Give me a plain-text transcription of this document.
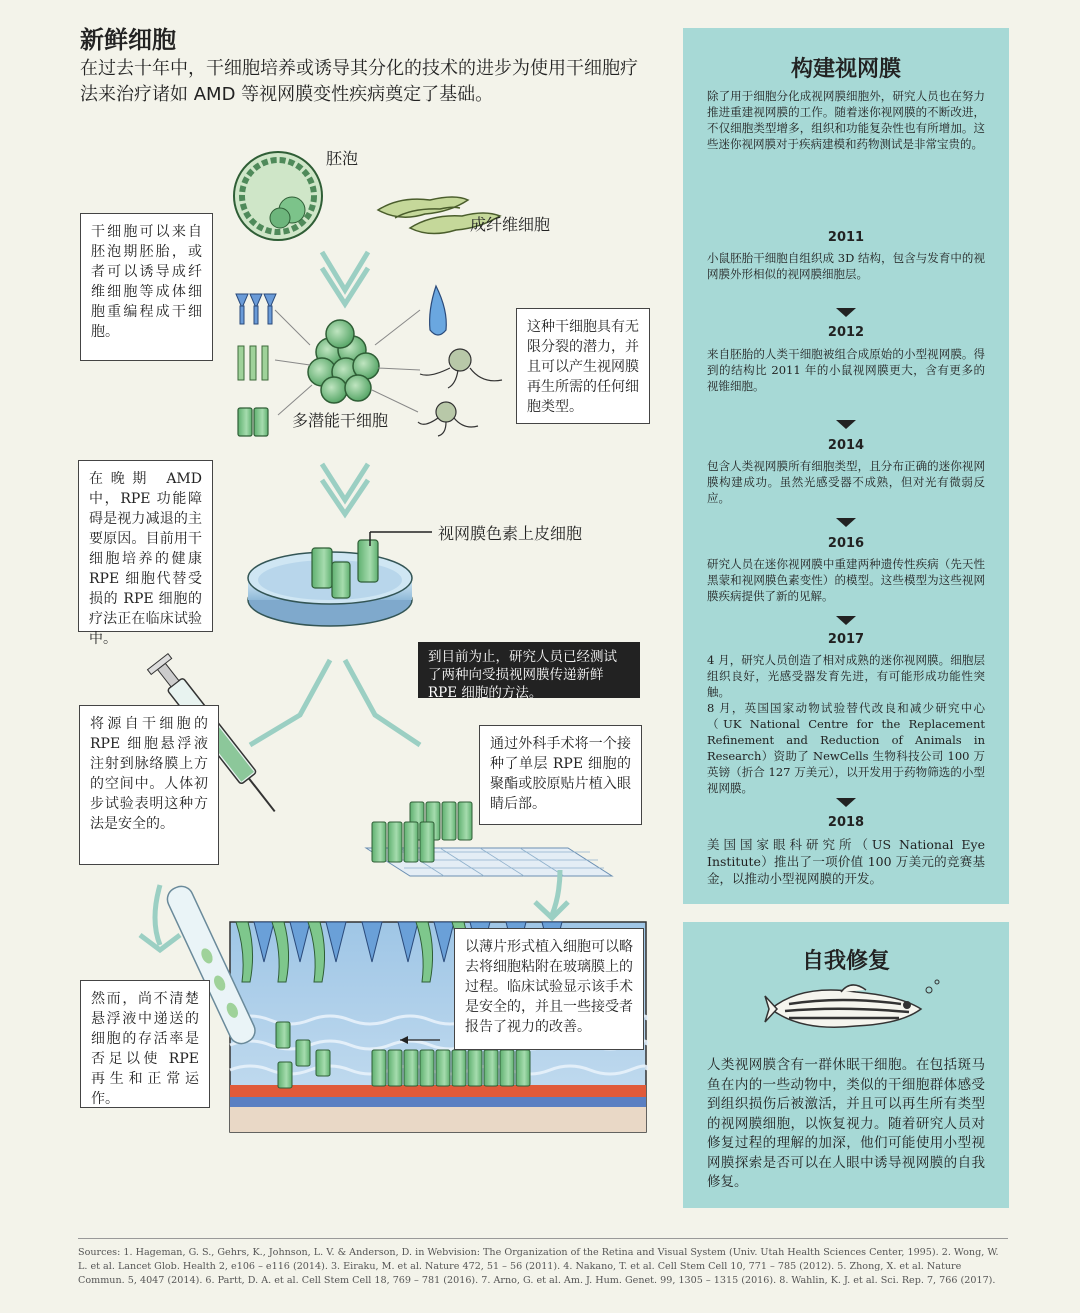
新鲜细胞
在过去十年中，干细胞培养或诱导其分化的技术的进步为使用干细胞疗法来治疗诸如 AMD 等视网膜变性疾病奠定了基础。
胚泡
成纤维细胞
多潜能干细胞
视网膜色素上皮细胞
干细胞可以来自胚泡期胚胎，或者可以诱导成纤维细胞等成体细胞重编程成干细胞。	这种干细胞具有无限分裂的潜力，并且可以产生视网膜再生所需的任何细胞类型。
在晚期 AMD 中，RPE 功能障碍是视力减退的主要原因。目前用干细胞培养的健康 RPE 细胞代替受损的 RPE 细胞的疗法正在临床试验中。
到目前为止，研究人员已经测试了两种向受损视网膜传递新鲜 RPE 细胞的方法。
将源自干细胞的 RPE 细胞悬浮液注射到脉络膜上方的空间中。人体初步试验表明这种方法是安全的。
通过外科手术将一个接种了单层 RPE 细胞的聚酯或胶原贴片植入眼睛后部。
以薄片形式植入细胞可以略去将细胞粘附在玻璃膜上的过程。临床试验显示该手术是安全的，并且一些接受者报告了视力的改善。
然而，尚不清楚悬浮液中递送的细胞的存活率是否足以使 RPE 再生和正常运作。
构建视网膜
除了用于细胞分化成视网膜细胞外，研究人员也在努力推进重建视网膜的工作。随着迷你视网膜的不断改进，不仅细胞类型增多，组织和功能复杂性也有所增加。这些迷你视网膜对于疾病建模和药物测试是非常宝贵的。
2011
小鼠胚胎干细胞自组织成 3D 结构，包含与发育中的视网膜外形相似的视网膜细胞层。
2012
来自胚胎的人类干细胞被组合成原始的小型视网膜。得到的结构比 2011 年的小鼠视网膜更大，含有更多的视锥细胞。
2014
包含人类视网膜所有细胞类型，且分布正确的迷你视网膜构建成功。虽然光感受器不成熟，但对光有微弱反应。
2016
研究人员在迷你视网膜中重建两种遗传性疾病（先天性黑蒙和视网膜色素变性）的模型。这些模型为这些视网膜疾病提供了新的见解。
2017
4 月，研究人员创造了相对成熟的迷你视网膜。细胞层组织良好，光感受器发育先进，有可能形成功能性突触。
8 月，英国国家动物试验替代改良和减少研究中心（UK National Centre for the Replacement Refinement and Reduction of Animals in Research）资助了 NewCells 生物科技公司 100 万英镑（折合 127 万美元），以开发用于药物筛选的小型视网膜。
2018
美国国家眼科研究所（US National Eye Institute）推出了一项价值 100 万美元的竞赛基金，以推动小型视网膜的开发。
自我修复
人类视网膜含有一群休眠干细胞。在包括斑马鱼在内的一些动物中，类似的干细胞群体感受到组织损伤后被激活，并且可以再生所有类型的视网膜细胞，以恢复视力。随着研究人员对修复过程的理解的加深，他们可能使用小型视网膜探索是否可以在人眼中诱导视网膜的自我修复。
Sources: 1. Hageman, G. S., Gehrs, K., Johnson, L. V. & Anderson, D. in Webvision: The Organization of the Retina and Visual System (Univ. Utah Health Sciences Center, 1995). 2. Wong, W. L. et al. Lancet Glob. Health 2, e106 – e116 (2014). 3. Eiraku, M. et al. Nature 472, 51 – 56 (2011). 4. Nakano, T. et al. Cell Stem Cell 10, 771 – 785 (2012). 5. Zhong, X. et al. Nature Commun. 5, 4047 (2014). 6. Partt, D. A. et al. Cell Stem Cell 18, 769 – 781 (2016). 7. Arno, G. et al. Am. J. Hum. Genet. 99, 1305 – 1315 (2016). 8. Wahlin, K. J. et al. Sci. Rep. 7, 766 (2017).
